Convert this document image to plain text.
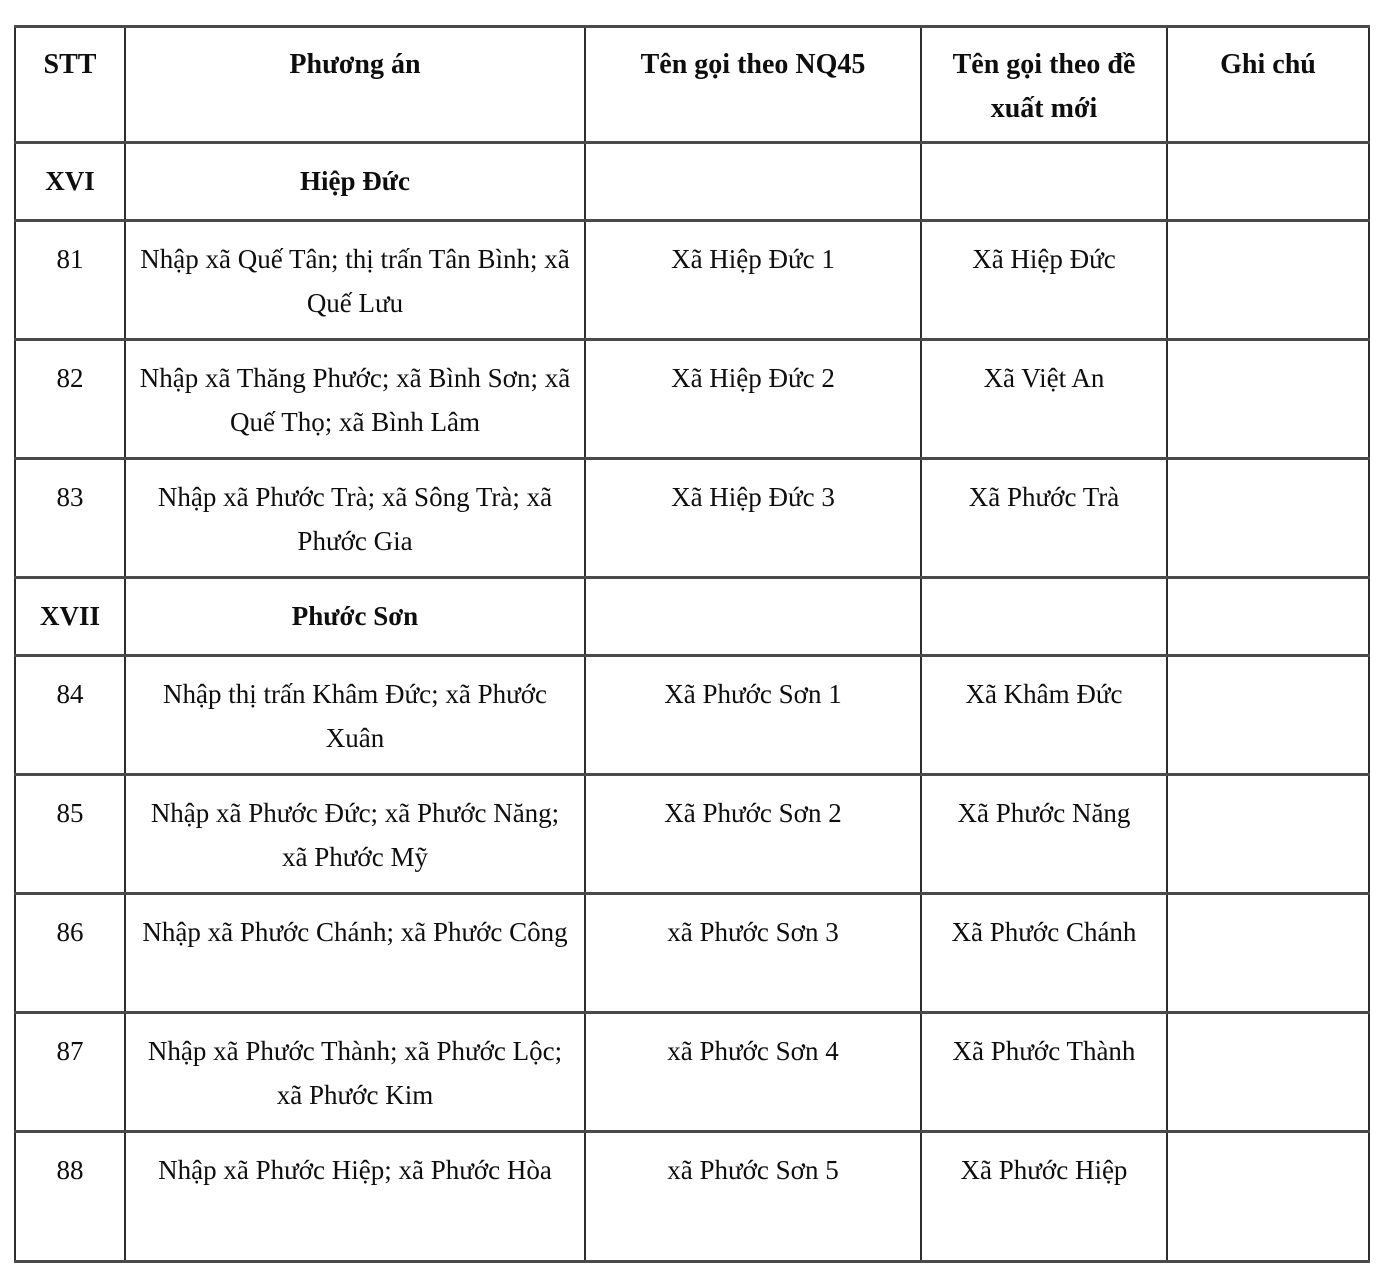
STT	Phương án	Tên gọi theo NQ45	Tên gọi theo đề xuất mới	Ghi chú
XVI	Hiệp Đức			
81	Nhập xã Quế Tân; thị trấn Tân Bình; xã Quế Lưu	Xã Hiệp Đức 1	Xã Hiệp Đức	
82	Nhập xã Thăng Phước; xã Bình Sơn; xã Quế Thọ; xã Bình Lâm	Xã Hiệp Đức 2	Xã Việt An	
83	Nhập xã Phước Trà; xã Sông Trà; xã Phước Gia	Xã Hiệp Đức 3	Xã Phước Trà	
XVII	Phước Sơn			
84	Nhập thị trấn Khâm Đức; xã Phước Xuân	Xã Phước Sơn 1	Xã Khâm Đức	
85	Nhập xã Phước Đức; xã Phước Năng; xã Phước Mỹ	Xã Phước Sơn 2	Xã Phước Năng	
86	Nhập xã Phước Chánh; xã Phước Công	xã Phước Sơn 3	Xã Phước Chánh	
87	Nhập xã Phước Thành; xã Phước Lộc; xã Phước Kim	xã Phước Sơn 4	Xã Phước Thành	
88	Nhập xã Phước Hiệp; xã Phước Hòa	xã Phước Sơn 5	Xã Phước Hiệp	
